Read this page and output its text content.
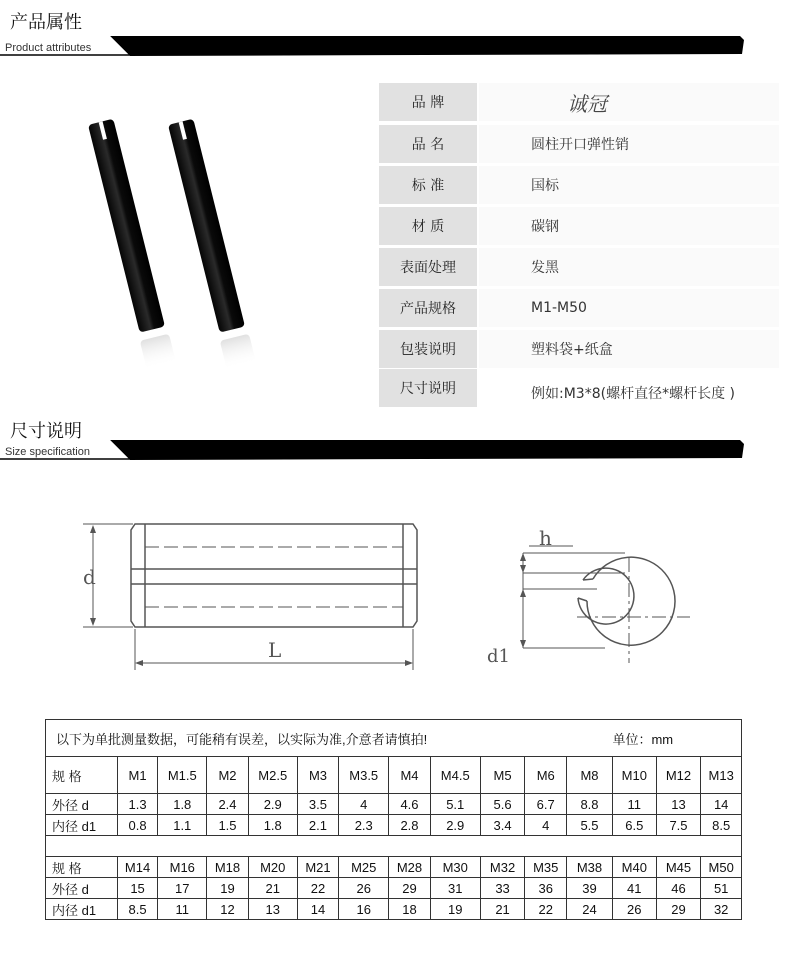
产品属性
Product attributes
品 牌	诚冠
品 名	圆柱开口弹性销
标 准	国标
材 质	碳钢
表面处理	发黑
产品规格	M1-M50
包装说明	塑料袋+纸盒
尺寸说明	例如:M3*8(螺杆直径*螺杆长度 )
尺寸说明
Size specification
d
L
h
d1
以下为单批测量数据，可能稍有误差，以实际为准,介意者请慎拍!												单位：mm		
规 格	M1	M1.5	M2	M2.5	M3	M3.5	M4	M4.5	M5	M6	M8	M10	M12	M13
外径 d	1.3	1.8	2.4	2.9	3.5	4	4.6	5.1	5.6	6.7	8.8	11	13	14
内径 d1	0.8	1.1	1.5	1.8	2.1	2.3	2.8	2.9	3.4	4	5.5	6.5	7.5	8.5

规 格	M14	M16	M18	M20	M21	M25	M28	M30	M32	M35	M38	M40	M45	M50
外径 d	15	17	19	21	22	26	29	31	33	36	39	41	46	51
内径 d1	8.5	11	12	13	14	16	18	19	21	22	24	26	29	32
